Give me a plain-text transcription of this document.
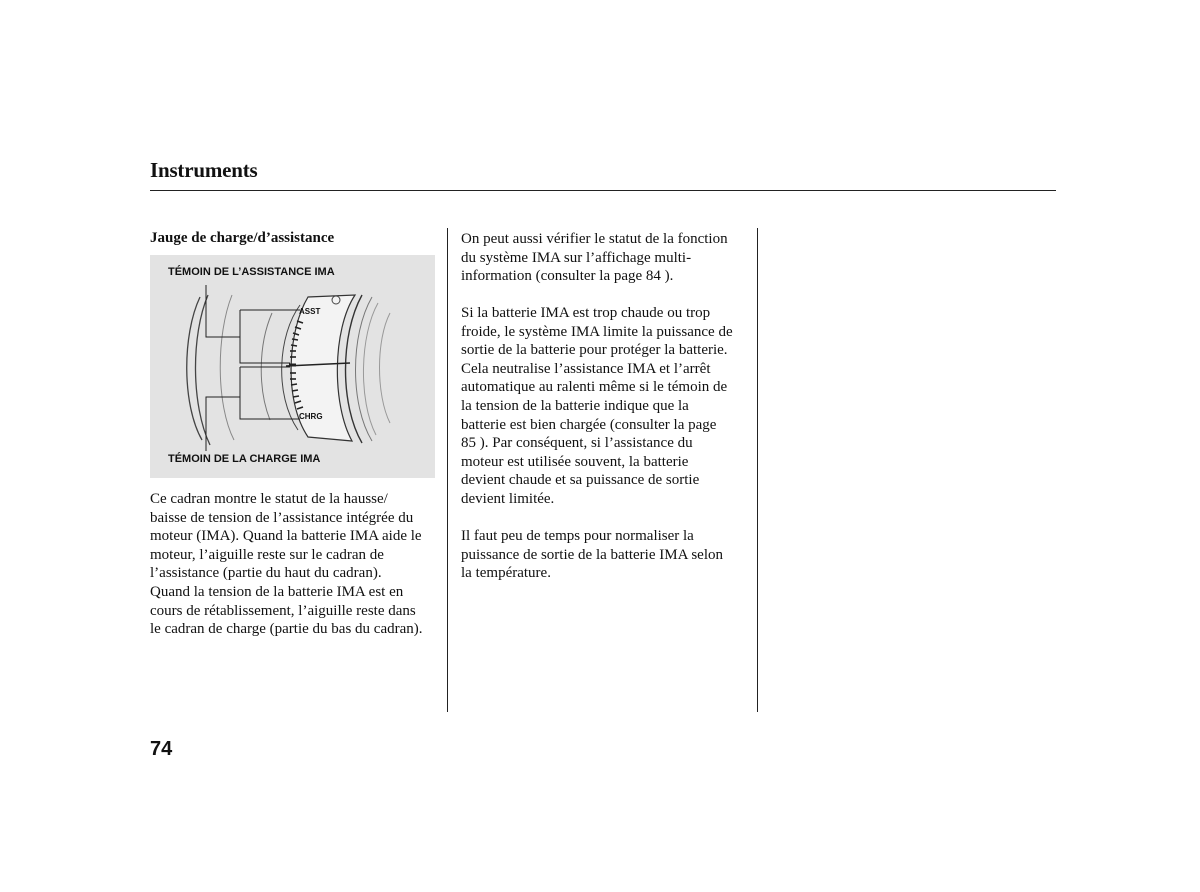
Instruments
Jauge de charge/d’assistance
TÉMOIN DE L’ASSISTANCE IMA
TÉMOIN DE LA CHARGE IMA
ASST
CHRG
Ce cadran montre le statut de la hausse/
baisse de tension de l’assistance intégrée du
moteur (IMA). Quand la batterie IMA aide le
moteur, l’aiguille reste sur le cadran de
l’assistance (partie du haut du cadran).
Quand la tension de la batterie IMA est en
cours de rétablissement, l’aiguille reste dans
le cadran de charge (partie du bas du cadran).
On peut aussi vérifier le statut de la fonction
du système IMA sur l’affichage multi-
information (consulter la page 84 ).
Si la batterie IMA est trop chaude ou trop
froide, le système IMA limite la puissance de
sortie de la batterie pour protéger la batterie.
Cela neutralise l’assistance IMA et l’arrêt
automatique au ralenti même si le témoin de
la tension de la batterie indique que la
batterie est bien chargée (consulter la page
85 ). Par conséquent, si l’assistance du
moteur est utilisée souvent, la batterie
devient chaude et sa puissance de sortie
devient limitée.
Il faut peu de temps pour normaliser la
puissance de sortie de la batterie IMA selon
la température.
74
